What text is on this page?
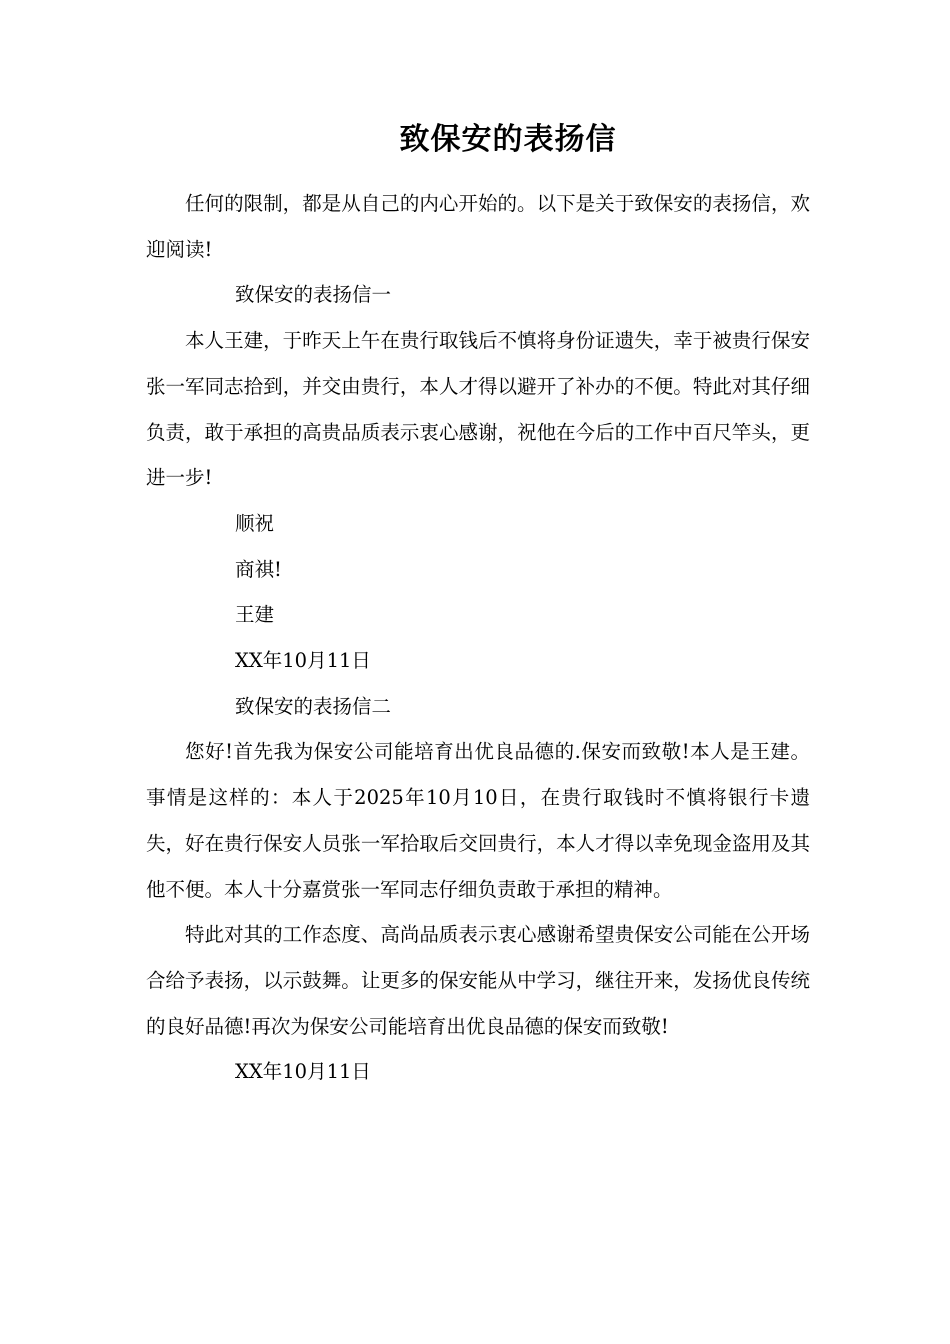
致保安的表扬信

任何的限制，都是从自己的内心开始的。以下是关于致保安的表扬信，欢迎阅读!

致保安的表扬信一

本人王建，于昨天上午在贵行取钱后不慎将身份证遗失，幸于被贵行保安张一军同志拾到，并交由贵行，本人才得以避开了补办的不便。特此对其仔细负责，敢于承担的高贵品质表示衷心感谢，祝他在今后的工作中百尺竿头，更进一步!

顺祝

商祺!

王建

XX年10月11日

致保安的表扬信二

您好!首先我为保安公司能培育出优良品德的.保安而致敬!本人是王建。事情是这样的：本人于2025年10月10日，在贵行取钱时不慎将银行卡遗失，好在贵行保安人员张一军拾取后交回贵行，本人才得以幸免现金盗用及其他不便。本人十分嘉赏张一军同志仔细负责敢于承担的精神。

特此对其的工作态度、高尚品质表示衷心感谢希望贵保安公司能在公开场合给予表扬，以示鼓舞。让更多的保安能从中学习，继往开来，发扬优良传统的良好品德!再次为保安公司能培育出优良品德的保安而致敬!

XX年10月11日
